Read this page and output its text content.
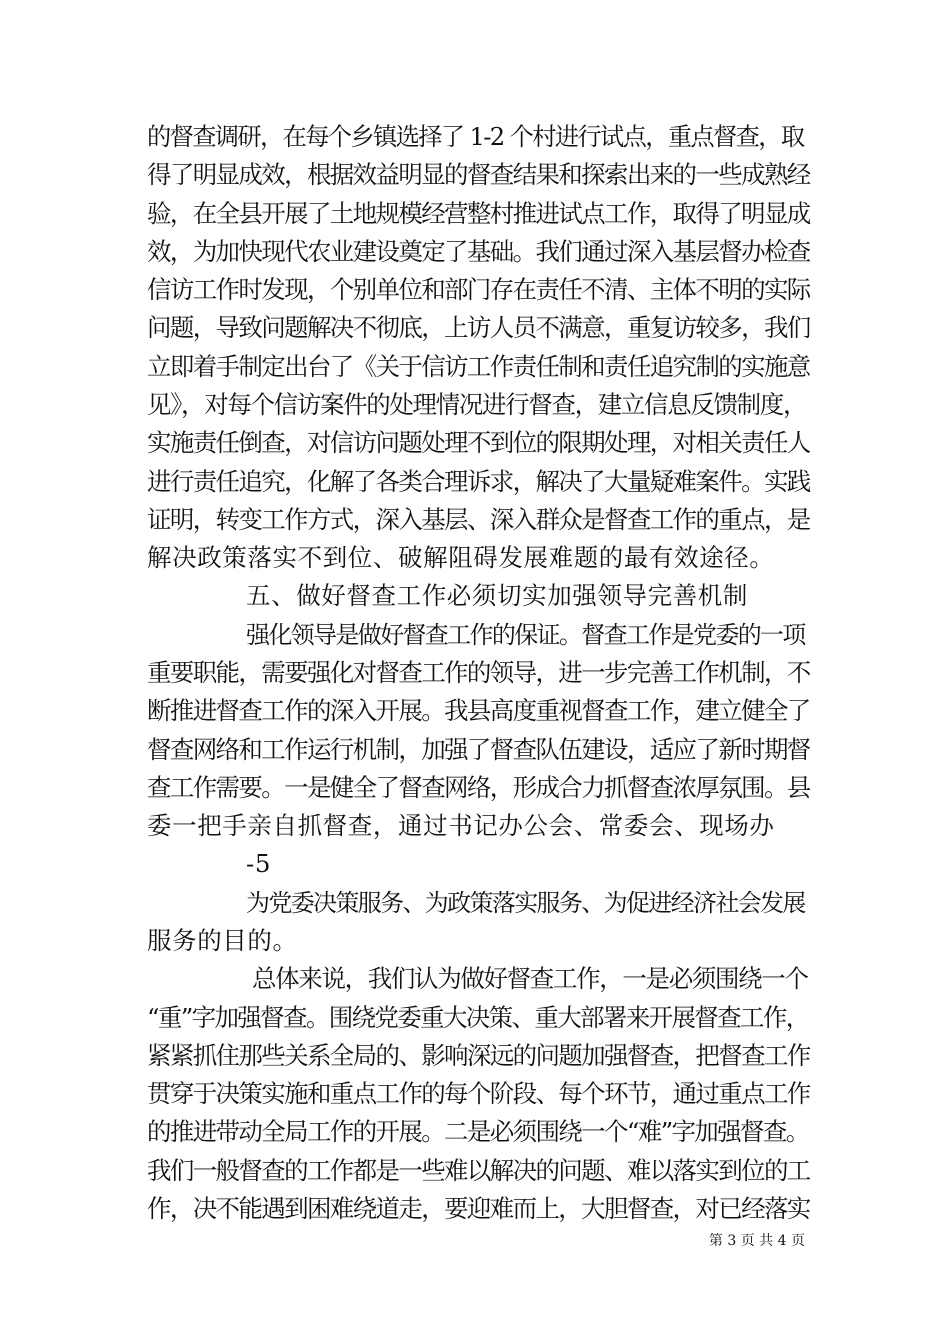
的督查调研，在每个乡镇选择了 1-2 个村进行试点，重点督查，取
得了明显成效，根据效益明显的督查结果和探索出来的一些成熟经
验，在全县开展了土地规模经营整村推进试点工作，取得了明显成
效，为加快现代农业建设奠定了基础。我们通过深入基层督办检查
信访工作时发现，个别单位和部门存在责任不清、主体不明的实际
问题，导致问题解决不彻底，上访人员不满意，重复访较多，我们
立即着手制定出台了《关于信访工作责任制和责任追究制的实施意
见》，对每个信访案件的处理情况进行督查，建立信息反馈制度，
实施责任倒查，对信访问题处理不到位的限期处理，对相关责任人
进行责任追究，化解了各类合理诉求，解决了大量疑难案件。实践
证明，转变工作方式，深入基层、深入群众是督查工作的重点，是
解决政策落实不到位、破解阻碍发展难题的最有效途径。
五、做好督查工作必须切实加强领导完善机制
强化领导是做好督查工作的保证。督查工作是党委的一项
重要职能，需要强化对督查工作的领导，进一步完善工作机制，不
断推进督查工作的深入开展。我县高度重视督查工作，建立健全了
督查网络和工作运行机制，加强了督查队伍建设，适应了新时期督
查工作需要。一是健全了督查网络，形成合力抓督查浓厚氛围。县
委一把手亲自抓督查，通过书记办公会、常委会、现场办
-5
为党委决策服务、为政策落实服务、为促进经济社会发展
服务的目的。
总体来说，我们认为做好督查工作，一是必须围绕一个
“重”字加强督查。围绕党委重大决策、重大部署来开展督查工作，
紧紧抓住那些关系全局的、影响深远的问题加强督查，把督查工作
贯穿于决策实施和重点工作的每个阶段、每个环节，通过重点工作
的推进带动全局工作的开展。二是必须围绕一个“难”字加强督查。
我们一般督查的工作都是一些难以解决的问题、难以落实到位的工
作，决不能遇到困难绕道走，要迎难而上，大胆督查，对已经落实
第 3 页 共 4 页
